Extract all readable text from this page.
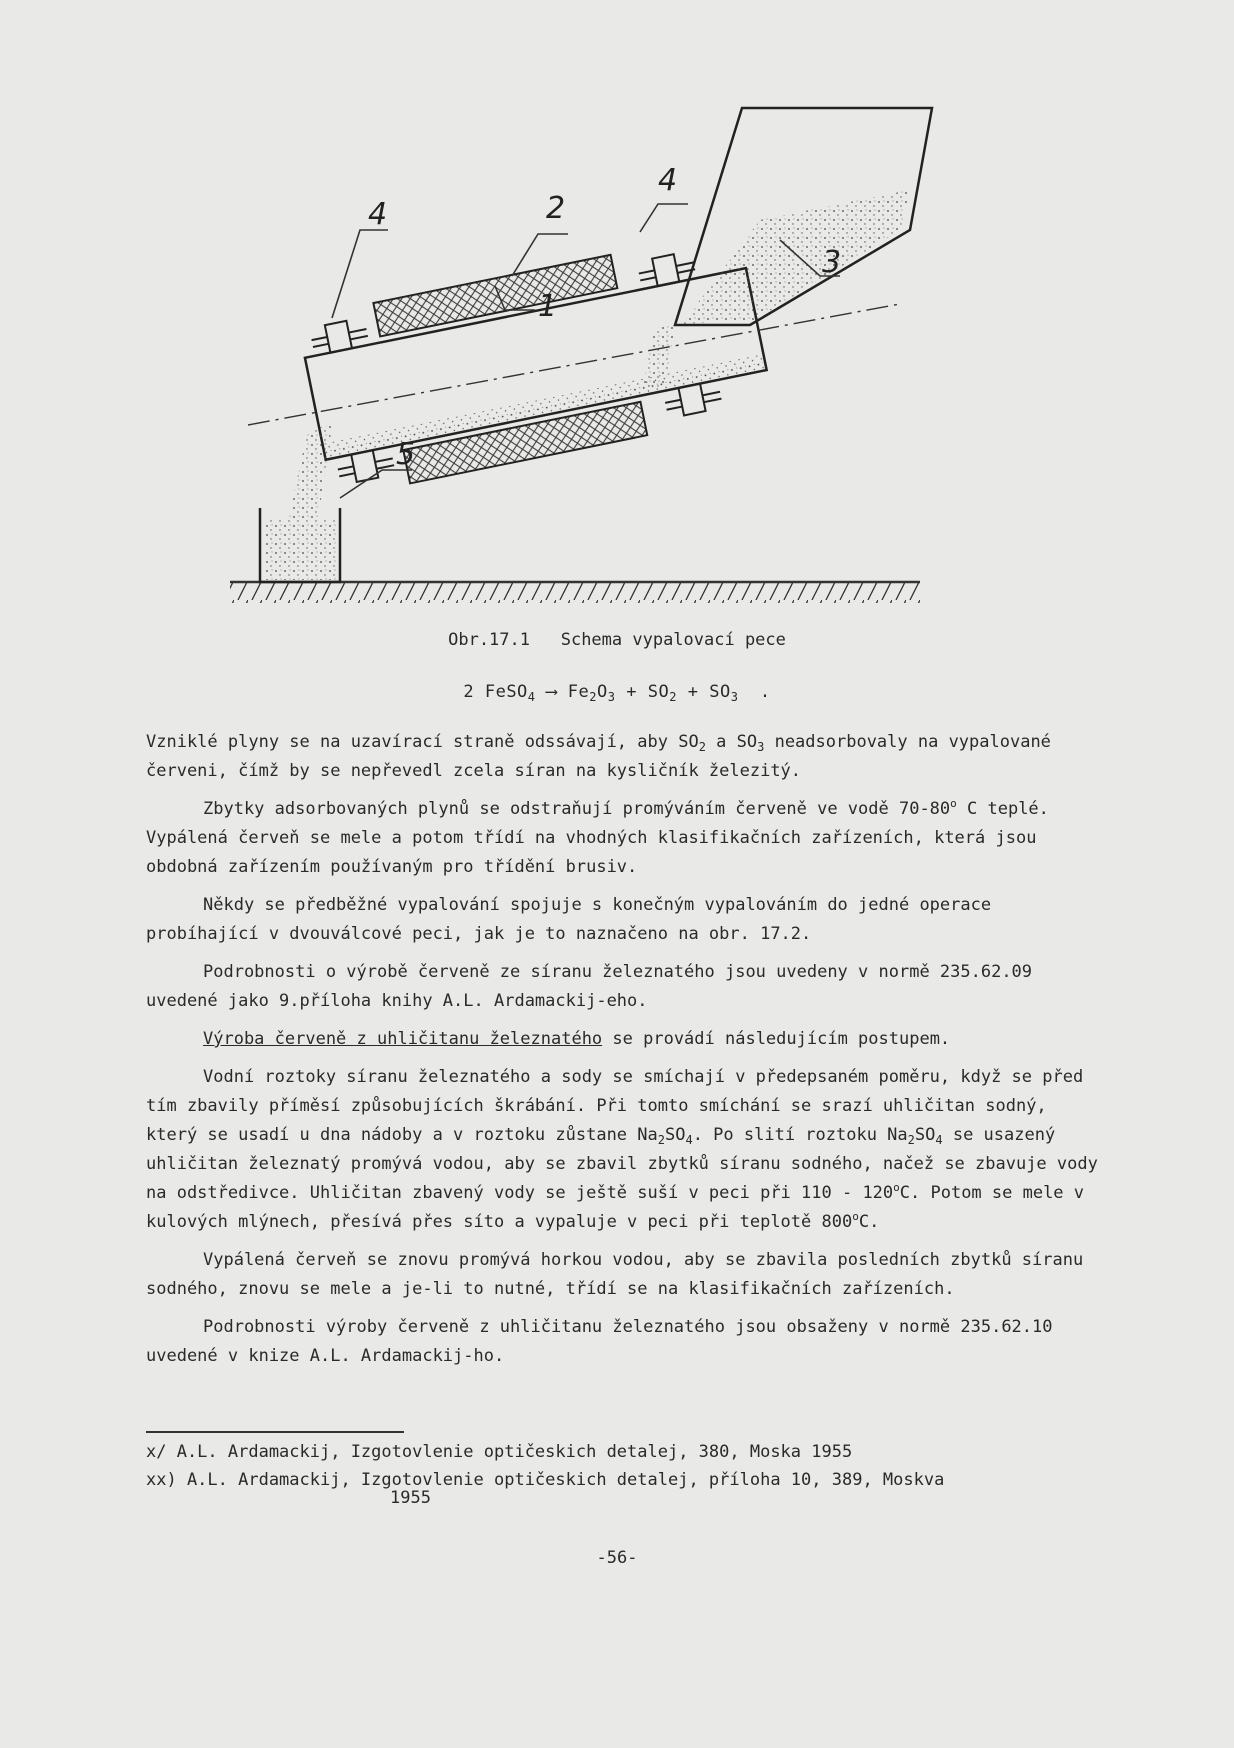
4	2
4
3
1
5
Obr.17.1 Schema vypalovací pece
2 FeSO$_4$ ⟶ $Fe_2O_3 + SO_2 + SO_3$ .

Vzniklé plyny se na uzavírací straně odssávají, aby $SO_2$ a $SO_3$ neadsorbovaly na vypalované červeni, čímž by se nepřevedl zcela síran na kysličník železitý.

Zbytky adsorbovaných plynů se odstraňují promýváním červeně ve vodě 70-80$^o$ C teplé. Vypálená červeň se mele a potom třídí na vhodných klasifikačních zařízeních, která jsou obdobná zařízením používaným pro třídění brusiv.

Někdy se předběžné vypalování spojuje s konečným vypalováním do jedné operace probíhající v dvouválcové peci, jak je to naznačeno na obr. 17.2.

Podrobnosti o výrobě červeně ze síranu železnatého jsou uvedeny v normě 235.62.09 uvedené jako 9.příloha knihy A.L. Ardamackij-eho.

Výroba červeně z uhličitanu železnatého se provádí následujícím postupem.

Vodní roztoky síranu železnatého a sody se smíchají v předepsaném poměru, když se před tím zbavily příměsí způsobujících škrábání. Při tomto smíchání se srazí uhličitan sodný, který se usadí u dna nádoby a v roztoku zůstane $Na_2SO_4$. Po slití roztoku $Na_2SO_4$ se usazený uhličitan železnatý promývá vodou, aby se zbavil zbytků síranu sodného, načež se zbavuje vody na odstředivce. Uhličitan zbavený vody se ještě suší v peci při 110 - 120$^o$C. Potom se mele v kulových mlýnech, přesívá přes síto a vypaluje v peci při teplotě 800$^o$C.

Vypálená červeň se znovu promývá horkou vodou, aby se zbavila posledních zbytků síranu sodného, znovu se mele a je-li to nutné, třídí se na klasifikačních zařízeních.

Podrobnosti výroby červeně z uhličitanu železnatého jsou obsaženy v normě 235.62.10 uvedené v knize A.L. Ardamackij-ho.

x/ A.L. Ardamackij, Izgotovlenie optičeskich detalej, 380, Moska 1955

xx) A.L. Ardamackij, Izgotovlenie optičeskich detalej, příloha 10, 389, Moskva

1955

-56-
